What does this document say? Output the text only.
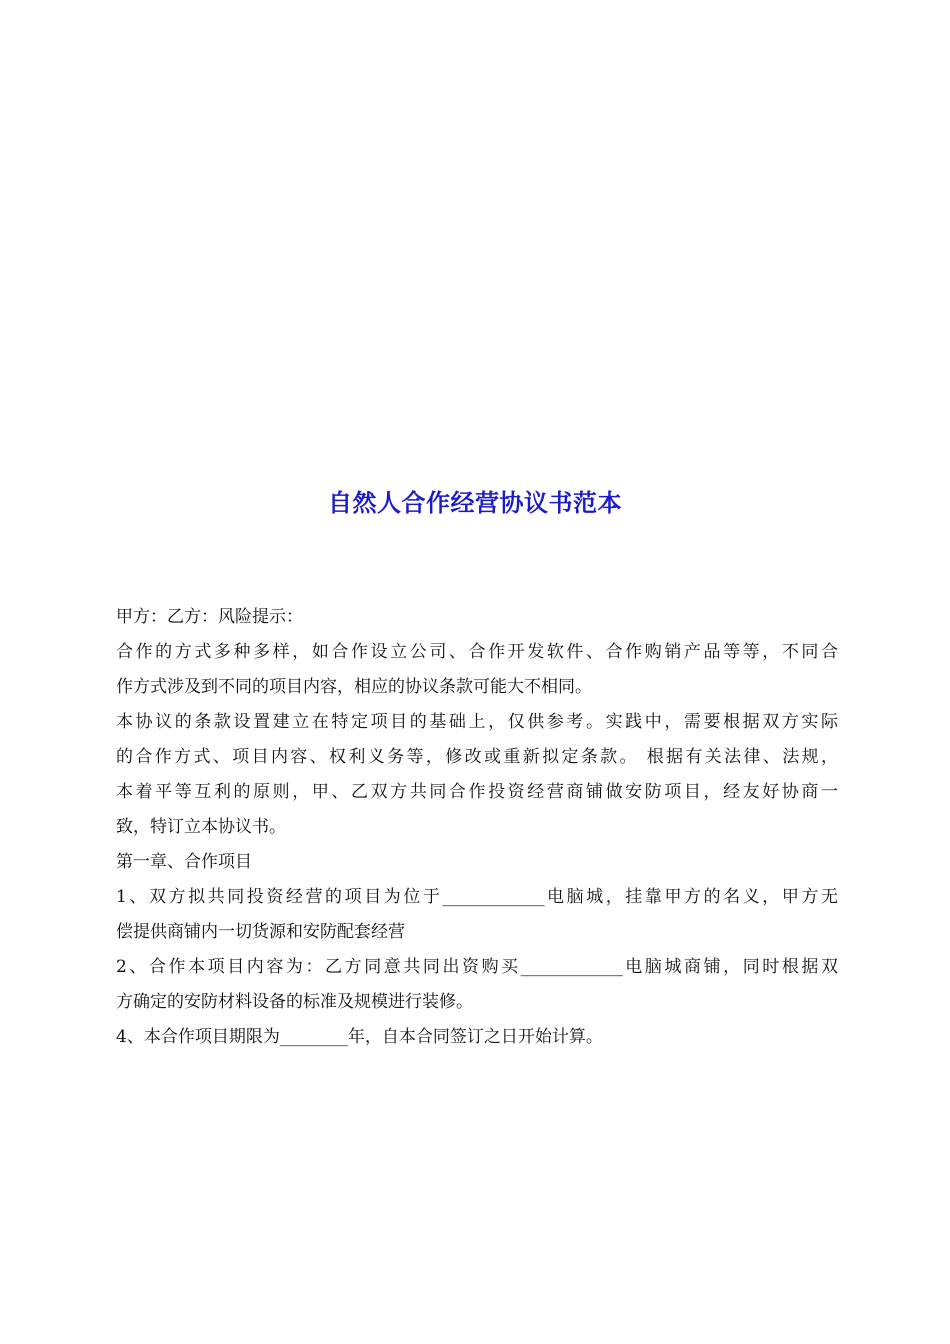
自然人合作经营协议书范本
甲方：乙方：风险提示：
合作的方式多种多样，如合作设立公司、合作开发软件、合作购销产品等等，不同合
作方式涉及到不同的项目内容，相应的协议条款可能大不相同。
本协议的条款设置建立在特定项目的基础上，仅供参考。实践中，需要根据双方实际
的合作方式、项目内容、权利义务等，修改或重新拟定条款。 根据有关法律、法规，
本着平等互利的原则，甲、乙双方共同合作投资经营商铺做安防项目，经友好协商一
致，特订立本协议书。
第一章、合作项目
1、双方拟共同投资经营的项目为位于____________电脑城，挂靠甲方的名义，甲方无
偿提供商铺内一切货源和安防配套经营
2、合作本项目内容为：乙方同意共同出资购买____________电脑城商铺，同时根据双
方确定的安防材料设备的标准及规模进行装修。
4、本合作项目期限为________年，自本合同签订之日开始计算。
